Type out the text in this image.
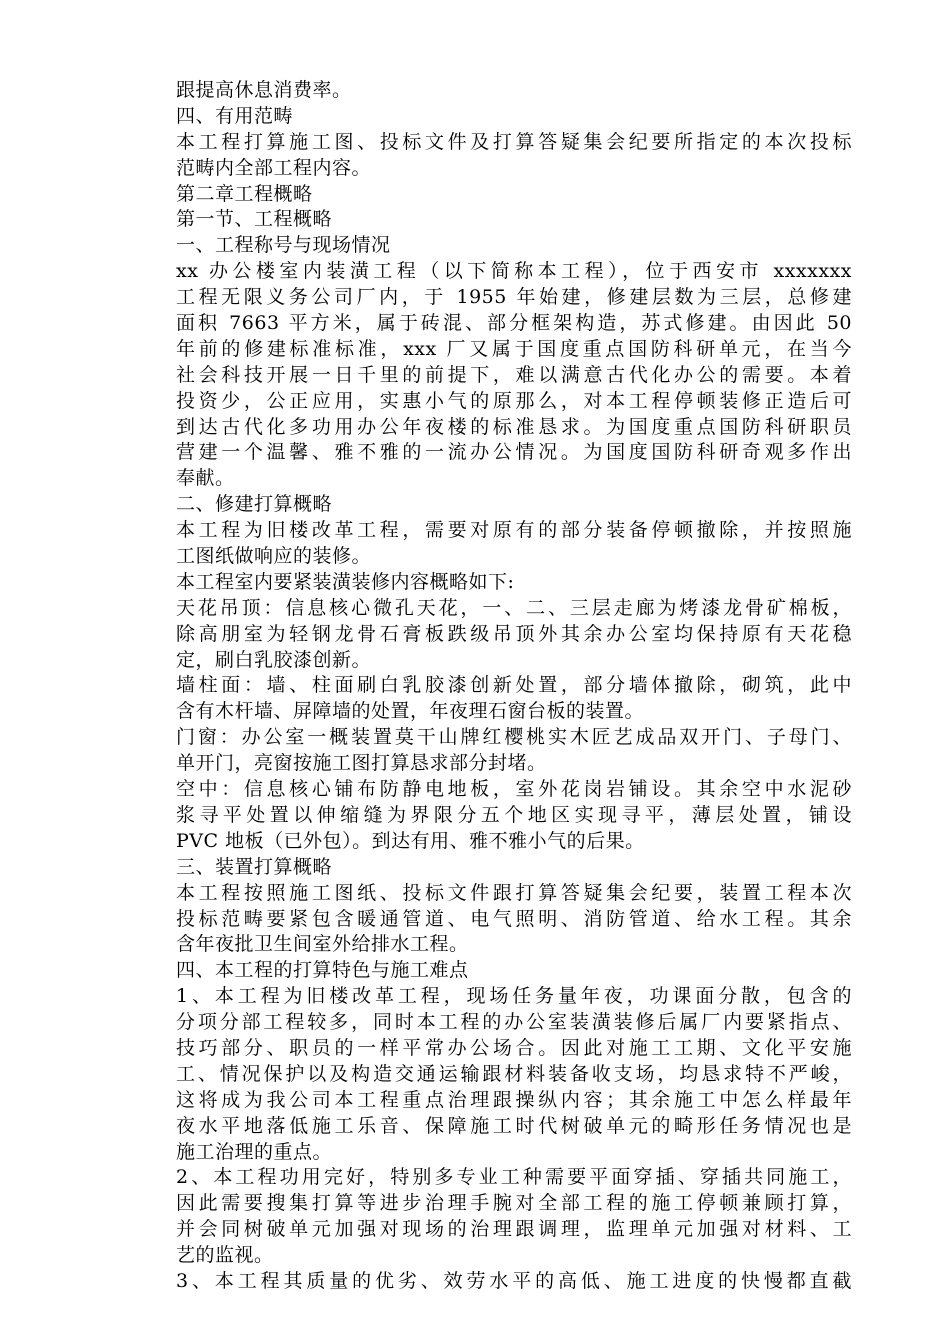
跟提高休息消费率。
四、有用范畴
本工程打算施工图、投标文件及打算答疑集会纪要所指定的本次投标
范畴内全部工程内容。
第二章工程概略
第一节、工程概略
一、工程称号与现场情况
xx 办公楼室内装潢工程（以下简称本工程），位于西安市 xxxxxxx
工程无限义务公司厂内，于 1955 年始建，修建层数为三层，总修建
面积 7663 平方米，属于砖混、部分框架构造，苏式修建。由因此 50
年前的修建标准标准，xxx 厂又属于国度重点国防科研单元，在当今
社会科技开展一日千里的前提下，难以满意古代化办公的需要。本着
投资少，公正应用，实惠小气的原那么，对本工程停顿装修正造后可
到达古代化多功用办公年夜楼的标准恳求。为国度重点国防科研职员
营建一个温馨、雅不雅的一流办公情况。为国度国防科研奇观多作出
奉献。
二、修建打算概略
本工程为旧楼改革工程，需要对原有的部分装备停顿撤除，并按照施
工图纸做响应的装修。
本工程室内要紧装潢装修内容概略如下:
天花吊顶：信息核心微孔天花，一、二、三层走廊为烤漆龙骨矿棉板，
除高朋室为轻钢龙骨石膏板跌级吊顶外其余办公室均保持原有天花稳
定，刷白乳胶漆创新。
墙柱面：墙、柱面刷白乳胶漆创新处置，部分墙体撤除，砌筑，此中
含有木杆墙、屏障墙的处置，年夜理石窗台板的装置。
门窗：办公室一概装置莫干山牌红樱桃实木匠艺成品双开门、子母门、
单开门，亮窗按施工图打算恳求部分封堵。
空中：信息核心铺布防静电地板，室外花岗岩铺设。其余空中水泥砂
浆寻平处置以伸缩缝为界限分五个地区实现寻平，薄层处置，铺设
PVC 地板（已外包）。到达有用、雅不雅小气的后果。
三、装置打算概略
本工程按照施工图纸、投标文件跟打算答疑集会纪要，装置工程本次
投标范畴要紧包含暖通管道、电气照明、消防管道、给水工程。其余
含年夜批卫生间室外给排水工程。
四、本工程的打算特色与施工难点
1、本工程为旧楼改革工程，现场任务量年夜，功课面分散，包含的
分项分部工程较多，同时本工程的办公室装潢装修后属厂内要紧指点、
技巧部分、职员的一样平常办公场合。因此对施工工期、文化平安施
工、情况保护以及构造交通运输跟材料装备收支场，均恳求特不严峻，
这将成为我公司本工程重点治理跟操纵内容；其余施工中怎么样最年
夜水平地落低施工乐音、保障施工时代树破单元的畸形任务情况也是
施工治理的重点。
2、本工程功用完好，特别多专业工种需要平面穿插、穿插共同施工，
因此需要搜集打算等进步治理手腕对全部工程的施工停顿兼顾打算，
并会同树破单元加强对现场的治理跟调理，监理单元加强对材料、工
艺的监视。
3、本工程其质量的优劣、效劳水平的高低、施工进度的快慢都直截
